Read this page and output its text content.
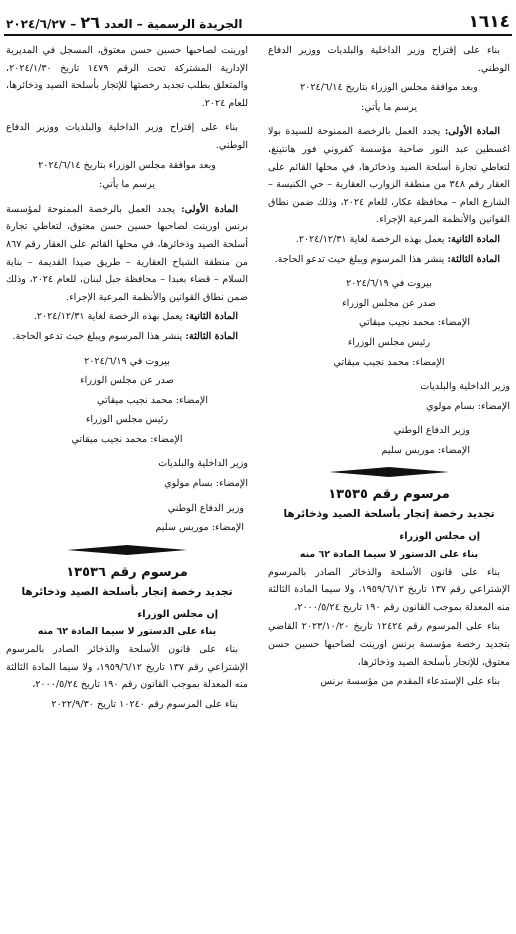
١٦١٤
الجريدة الرسمية – العدد ٢٦ – ٢٠٢٤/٦/٢٧

بناء على إقتراح وزير الداخلية والبلديات ووزير الدفاع الوطني.

وبعد موافقة مجلس الوزراء بتاريخ ٢٠٢٤/٦/١٤

يرسم ما يأتي:

المادة الأولى: يجدد العمل بالرخصة الممنوحة للسيدة بولا اغسطين عبد النور صاحبة مؤسسة كفروني فور هانتينغ، لتعاطي تجارة أسلحة الصيد وذخائرها، في محلها القائم على العقار رقم ٣٤٨ من منطقة الزوارب العقارية – حي الكنيسة – الشارع العام – محافظة عكار، للعام ٢٠٢٤، وذلك ضمن نطاق القوانين والأنظمة المرعية الإجراء.

المادة الثانية: يعمل بهذه الرخصة لغاية ٢٠٢٤/١٢/٣١.

المادة الثالثة: ينشر هذا المرسوم ويبلغ حيث تدعو الحاجة.

بيروت في ٢٠٢٤/٦/١٩

صدر عن مجلس الوزراء

الإمضاء: محمد نجيب ميقاتي

رئيس مجلس الوزراء

الإمضاء: محمد نجيب ميقاتي

وزير الداخلية والبلديات

الإمضاء: بسام مولوي

وزير الدفاع الوطني

الإمضاء: موريس سليم

مرسوم رقم ١٣٥٣٥

تجديد رخصة إتجار بأسلحة الصيد وذخائرها

إن مجلس الوزراء

بناء على الدستور لا سيما المادة ٦٢ منه

بناء على قانون الأسلحة والذخائر الصادر بالمرسوم الإشتراعي رقم ١٣٧ تاريخ ١٩٥٩/٦/١٢، ولا سيما المادة الثالثة منه المعدلة بموجب القانون رقم ١٩٠ تاريخ ٢٠٠٠/٥/٢٤،

بناء على المرسوم رقم ١٢٤٢٤ تاريخ ٢٠٢٣/١٠/٢٠ القاضي بتجديد رخصة مؤسسة برنس اورينت لصاحبها حسين حسن معتوق، للإتجار بأسلحة الصيد وذخائرها،

بناء على الإستدعاء المقدم من مؤسسة برنس

اورينت لصاحبها حسين حسن معتوق، المسجل في المديرية الإدارية المشتركة تحت الرقم ١٤٧٩ تاريخ ٢٠٢٤/١/٣٠، والمتعلق بطلب تجديد رخصتها للإتجار بأسلحة الصيد وذخائرها، للعام ٢٠٢٤.

بناء على إقتراح وزير الداخلية والبلديات ووزير الدفاع الوطني.

وبعد موافقة مجلس الوزراء بتاريخ ٢٠٢٤/٦/١٤

يرسم ما يأتي:

المادة الأولى: يجدد العمل بالرخصة الممنوحة لمؤسسة برنس اورينت لصاحبها حسين حسن معتوق، لتعاطي تجارة أسلحة الصيد وذخائرها، في محلها القائم على العقار رقم ٨٦٧ من منطقة الشياح العقارية – طريق صيدا القديمة – بناية السلام – قضاء بعبدا – محافظة جبل لبنان، للعام ٢٠٢٤، وذلك ضمن نطاق القوانين والأنظمة المرعية الإجراء.

المادة الثانية: يعمل بهذه الرخصة لغاية ٢٠٢٤/١٢/٣١.

المادة الثالثة: ينشر هذا المرسوم ويبلغ حيث تدعو الحاجة.

بيروت في ٢٠٢٤/٦/١٩

صدر عن مجلس الوزراء

الإمضاء: محمد نجيب ميقاتي

رئيس مجلس الوزراء

الإمضاء: محمد نجيب ميقاتي

وزير الداخلية والبلديات

الإمضاء: بسام مولوي

وزير الدفاع الوطني

الإمضاء: موريس سليم

مرسوم رقم ١٣٥٣٦

تجديد رخصة إتجار بأسلحة الصيد وذخائرها

إن مجلس الوزراء

بناء على الدستور لا سيما المادة ٦٢ منه

بناء على قانون الأسلحة والذخائر الصادر بالمرسوم الإشتراعي رقم ١٣٧ تاريخ ١٩٥٩/٦/١٢، ولا سيما المادة الثالثة منه المعدلة بموجب القانون رقم ١٩٠ تاريخ ٢٠٠٠/٥/٢٤،

بناء على المرسوم رقم ١٠٢٤٠ تاريخ ٢٠٢٢/٩/٣٠
